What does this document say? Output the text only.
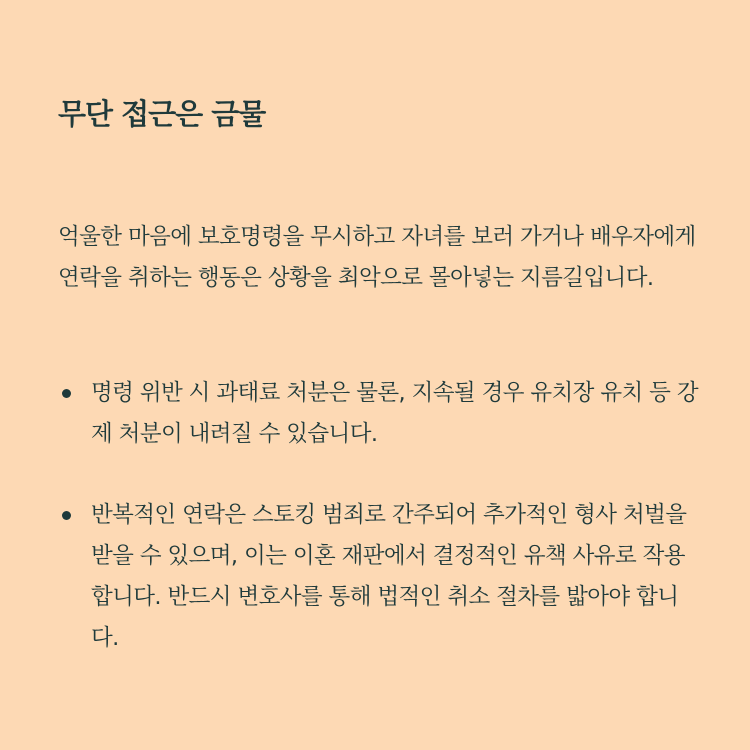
무단 접근은 금물

억울한 마음에 보호명령을 무시하고 자녀를 보러 가거나 배우자에게 연락을 취하는 행동은 상황을 최악으로 몰아넣는 지름길입니다.

명령 위반 시 과태료 처분은 물론, 지속될 경우 유치장 유치 등 강제 처분이 내려질 수 있습니다.
반복적인 연락은 스토킹 범죄로 간주되어 추가적인 형사 처벌을 받을 수 있으며, 이는 이혼 재판에서 결정적인 유책 사유로 작용합니다. 반드시 변호사를 통해 법적인 취소 절차를 밟아야 합니다.
